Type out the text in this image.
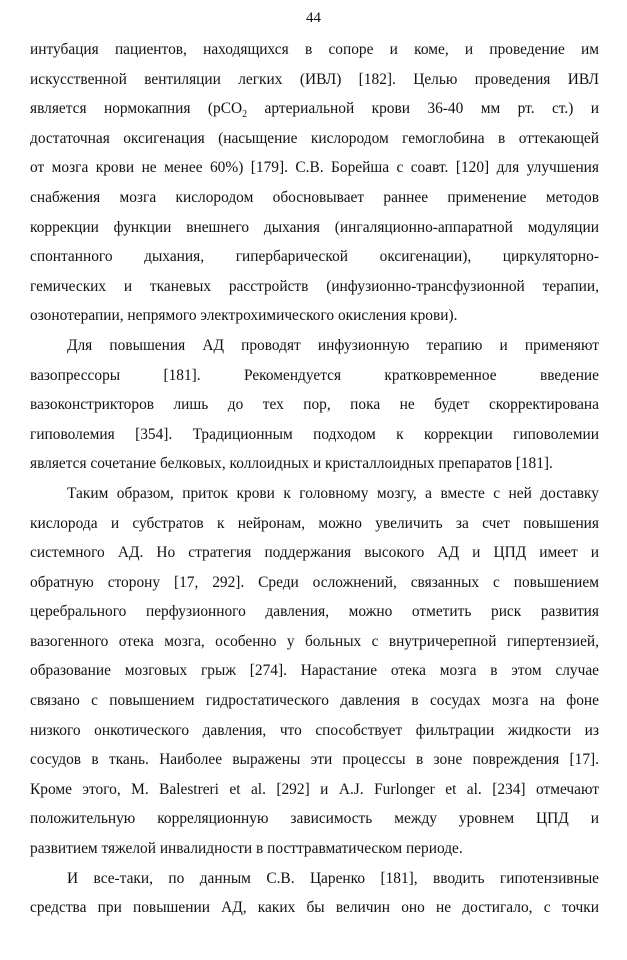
44
интубация пациентов, находящихся в сопоре и коме, и проведение им
искусственной вентиляции легких (ИВЛ) [182]. Целью проведения ИВЛ
является нормокапния (pCO$_2$ артериальной крови 36-40 мм рт. ст.) и
достаточная оксигенация (насыщение кислородом гемоглобина в оттекающей
от мозга крови не менее 60%) [179]. С.В. Борейша с соавт. [120] для улучшения
снабжения мозга кислородом обосновывает раннее применение методов
коррекции функции внешнего дыхания (ингаляционно-аппаратной модуляции
спонтанного дыхания, гипербарической оксигенации), циркуляторно-
гемических и тканевых расстройств (инфузионно-трансфузионной терапии,
озонотерапии, непрямого электрохимического окисления крови).
Для повышения АД проводят инфузионную терапию и применяют
вазопрессоры [181]. Рекомендуется кратковременное введение
вазоконстрикторов лишь до тех пор, пока не будет скорректирована
гиповолемия [354]. Традиционным подходом к коррекции гиповолемии
является сочетание белковых, коллоидных и кристаллоидных препаратов [181].
Таким образом, приток крови к головному мозгу, а вместе с ней доставку
кислорода и субстратов к нейронам, можно увеличить за счет повышения
системного АД. Но стратегия поддержания высокого АД и ЦПД имеет и
обратную сторону [17, 292]. Среди осложнений, связанных с повышением
церебрального перфузионного давления, можно отметить риск развития
вазогенного отека мозга, особенно у больных с внутричерепной гипертензией,
образование мозговых грыж [274]. Нарастание отека мозга в этом случае
связано с повышением гидростатического давления в сосудах мозга на фоне
низкого онкотического давления, что способствует фильтрации жидкости из
сосудов в ткань. Наиболее выражены эти процессы в зоне повреждения [17].
Кроме этого, M. Balestreri et al. [292] и A.J. Furlonger et al. [234] отмечают
положительную корреляционную зависимость между уровнем ЦПД и
развитием тяжелой инвалидности в посттравматическом периоде.
И все-таки, по данным С.В. Царенко [181], вводить гипотензивные
средства при повышении АД, каких бы величин оно не достигало, с точки
